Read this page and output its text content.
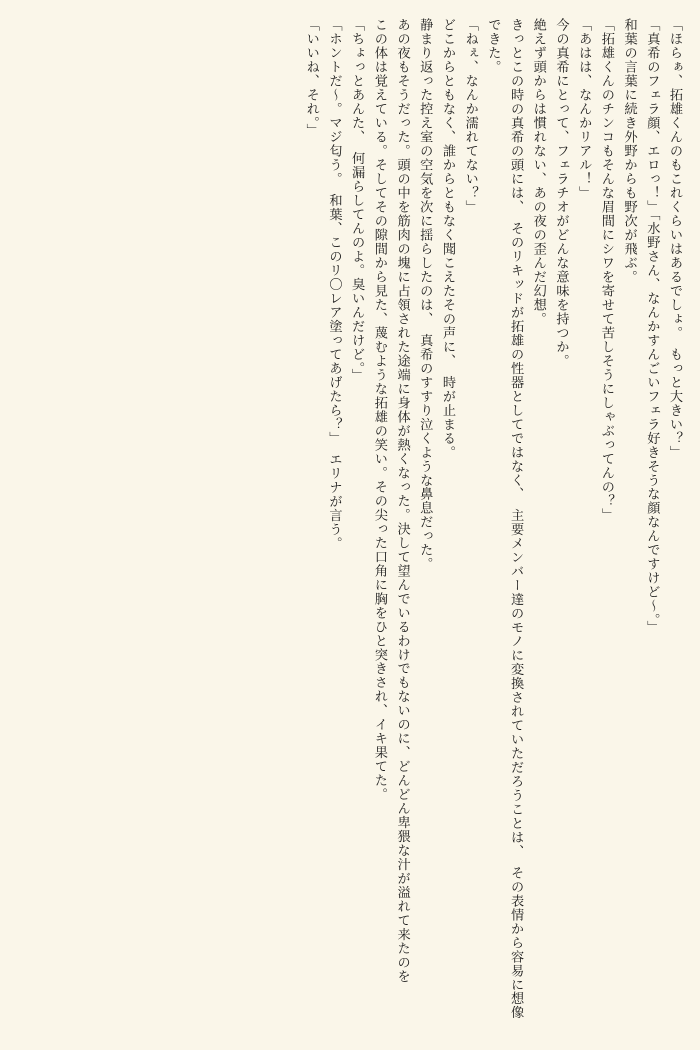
「ほらぁ、拓雄くんのもこれくらいはあるでしょ。　もっと大きい？」

「真希のフェラ顔、エロっ！」「水野さん、なんかすんごいフェラ好きそうな顔なんですけど～。」

和葉の言葉に続き外野からも野次が飛ぶ。

「拓雄くんのチンコもそんな眉間にシワを寄せて苦しそうにしゃぶってんの？」

「あはは、なんかリアル！」

今の真希にとって、フェラチオがどんな意味を持つか。

絶えず頭からは慣れない、あの夜の歪んだ幻想。

きっとこの時の真希の頭には、　そのリキッドが拓雄の性器としてではなく、　主要メンバー達のモノに変換されていただろうことは、　その表情から容易に想像できた。

「ねぇ、なんか濡れてない？」

どこからともなく、誰からともなく聞こえたその声に、　時が止まる。

静まり返った控え室の空気を次に揺らしたのは、　真希のすすり泣くような鼻息だった。

あの夜もそうだった。頭の中を筋肉の塊に占領された途端に身体が熱くなった。決して望んでいるわけでもないのに、どんどん卑猥な汁が溢れて来たのを

この体は覚えている。そしてその隙間から見た、蔑むような拓雄の笑い。その尖った口角に胸をひと突きされ、イキ果てた。

「ちょっとあんた、　何漏らしてんのよ。臭いんだけど。」

「ホントだ～。マジ匂う。　和葉、このリ〇レア塗ってあげたら？」　エリナが言う。

「いいね、それ。」
